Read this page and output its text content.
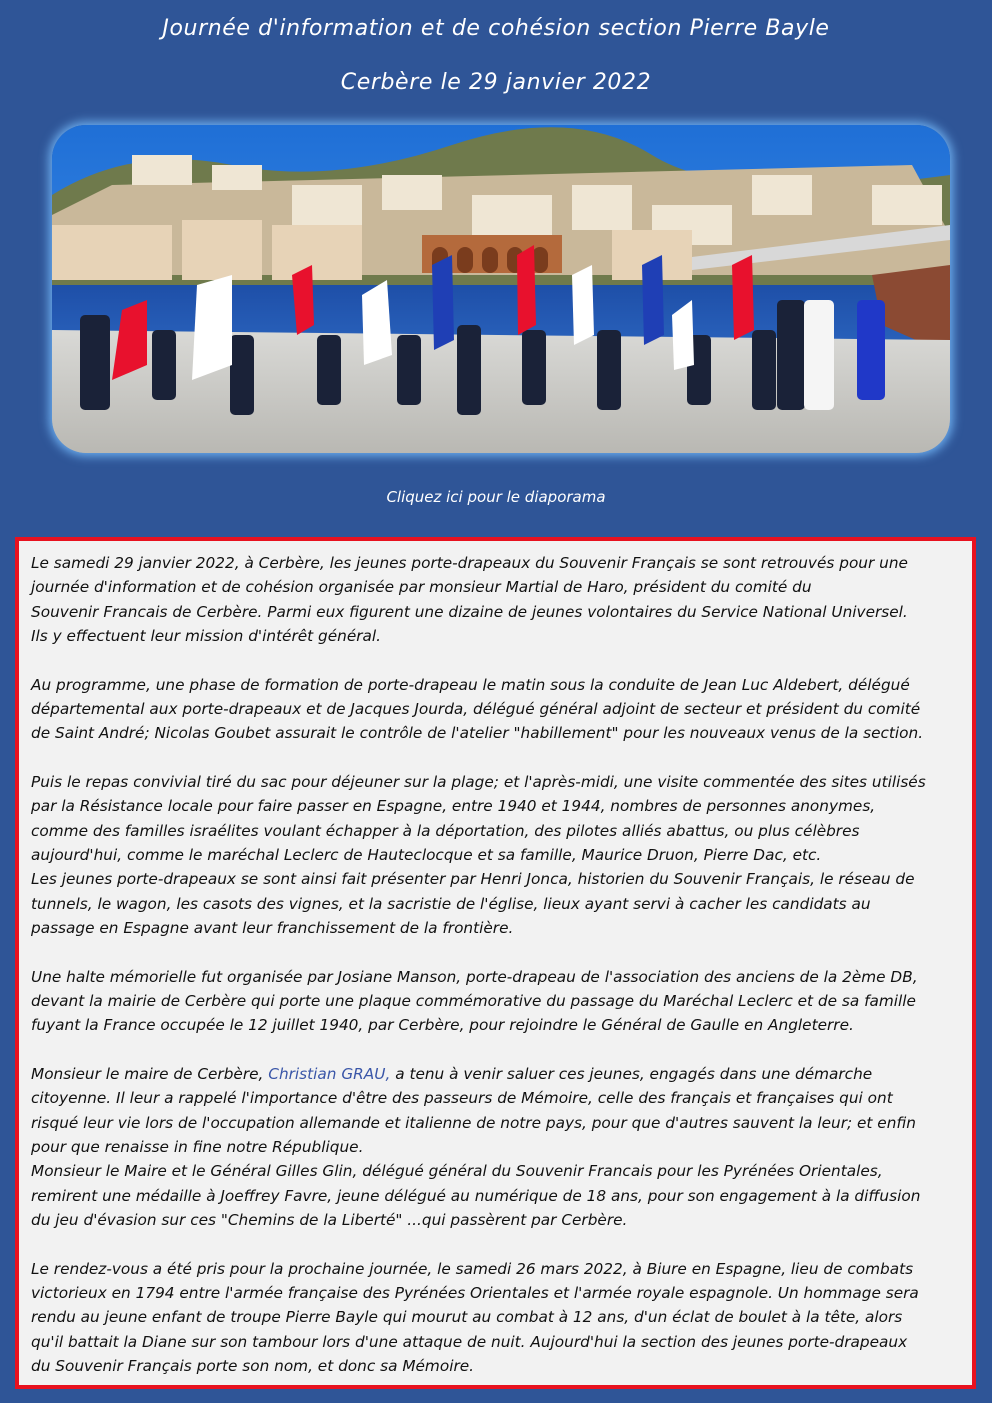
Journée d'information et de cohésion section Pierre Bayle
Cerbère le 29 janvier 2022
Cliquez ici pour le diaporama

Le samedi 29 janvier 2022, à Cerbère, les jeunes porte-drapeaux du Souvenir Français se sont retrouvés pour une
journée d'information et de cohésion organisée par monsieur Martial de Haro, président du comité du
Souvenir Francais de Cerbère. Parmi eux figurent une dizaine de jeunes volontaires du Service National Universel.
Ils y effectuent leur mission d'intérêt général.

Au programme, une phase de formation de porte-drapeau le matin sous la conduite de Jean Luc Aldebert, délégué
départemental aux porte-drapeaux et de Jacques Jourda, délégué général adjoint de secteur et président du comité
de Saint André; Nicolas Goubet assurait le contrôle de l'atelier "habillement" pour les nouveaux venus de la section.

Puis le repas convivial tiré du sac pour déjeuner sur la plage; et l'après-midi, une visite commentée des sites utilisés
par la Résistance locale pour faire passer en Espagne, entre 1940 et 1944, nombres de personnes anonymes,
comme des familles israélites voulant échapper à la déportation, des pilotes alliés abattus, ou plus célèbres
aujourd'hui, comme le maréchal Leclerc de Hauteclocque et sa famille, Maurice Druon, Pierre Dac, etc.
Les jeunes porte-drapeaux se sont ainsi fait présenter par Henri Jonca, historien du Souvenir Français, le réseau de
tunnels, le wagon, les casots des vignes, et la sacristie de l'église, lieux ayant servi à cacher les candidats au
passage en Espagne avant leur franchissement de la frontière.

Une halte mémorielle fut organisée par Josiane Manson, porte-drapeau de l'association des anciens de la 2ème DB,
devant la mairie de Cerbère qui porte une plaque commémorative du passage du Maréchal Leclerc et de sa famille
fuyant la France occupée le 12 juillet 1940, par Cerbère, pour rejoindre le Général de Gaulle en Angleterre.

Monsieur le maire de Cerbère, Christian GRAU, a tenu à venir saluer ces jeunes, engagés dans une démarche
citoyenne. Il leur a rappelé l'importance d'être des passeurs de Mémoire, celle des français et françaises qui ont
risqué leur vie lors de l'occupation allemande et italienne de notre pays, pour que d'autres sauvent la leur; et enfin
pour que renaisse in fine notre République.
Monsieur le Maire et le Général Gilles Glin, délégué général du Souvenir Francais pour les Pyrénées Orientales,
remirent une médaille à Joeffrey Favre, jeune délégué au numérique de 18 ans, pour son engagement à la diffusion
du jeu d'évasion sur ces "Chemins de la Liberté" ...qui passèrent par Cerbère.

Le rendez-vous a été pris pour la prochaine journée, le samedi 26 mars 2022, à Biure en Espagne, lieu de combats
victorieux en 1794 entre l'armée française des Pyrénées Orientales et l'armée royale espagnole. Un hommage sera
rendu au jeune enfant de troupe Pierre Bayle qui mourut au combat à 12 ans, d'un éclat de boulet à la tête, alors
qu'il battait la Diane sur son tambour lors d'une attaque de nuit. Aujourd'hui la section des jeunes porte-drapeaux
du Souvenir Français porte son nom, et donc sa Mémoire.
